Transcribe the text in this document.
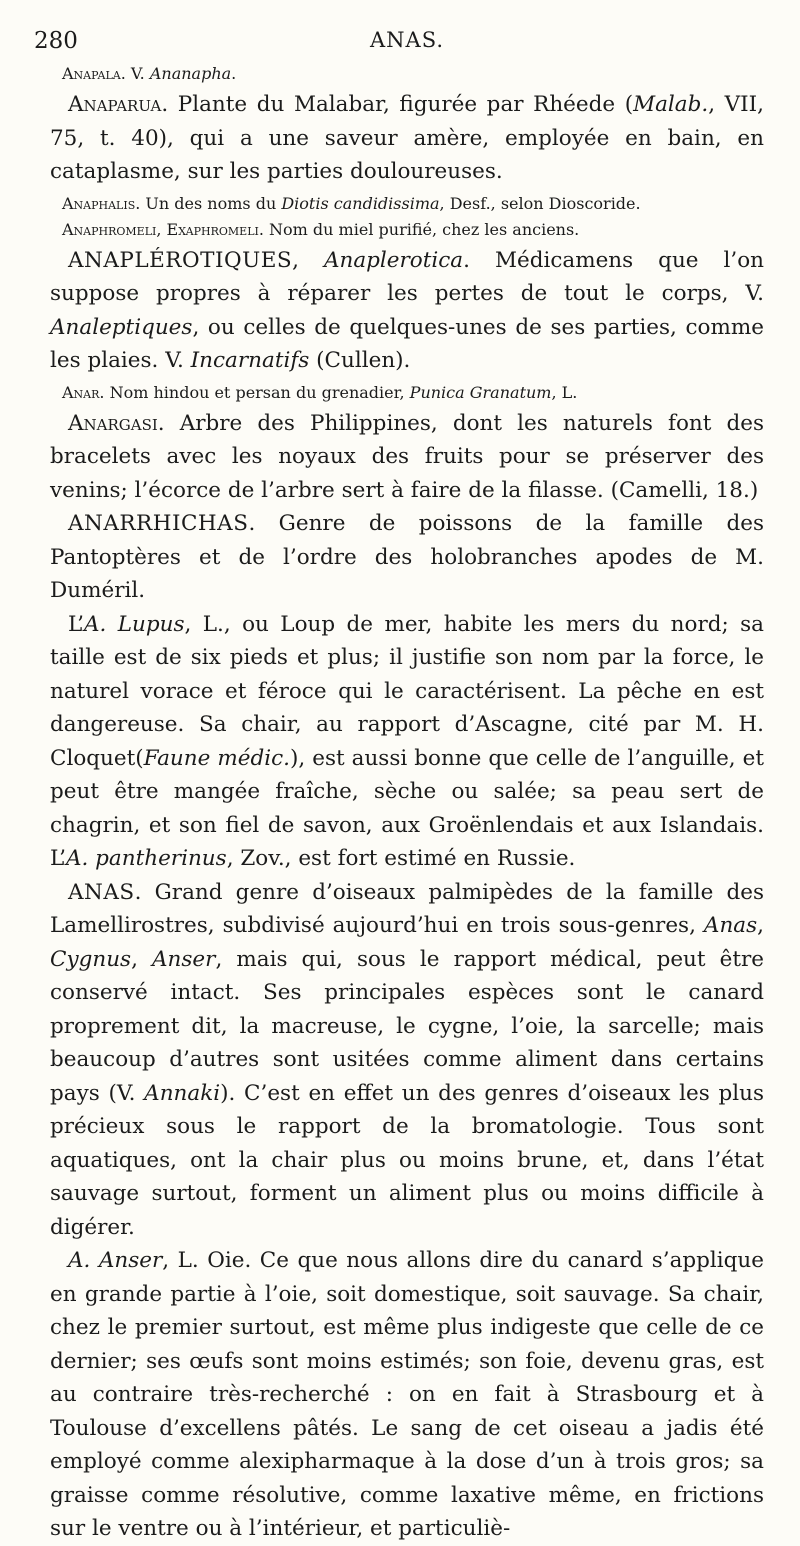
280	ANAS.

Anapala. V. Ananapha.

Anaparua. Plante du Malabar, figurée par Rhéede (Malab., VII, 75, t. 40), qui a une saveur amère, employée en bain, en cataplasme, sur les parties douloureuses.

Anaphalis. Un des noms du Diotis candidissima, Desf., selon Dioscoride.

Anaphromeli, Exaphromeli. Nom du miel purifié, chez les anciens.

ANAPLÉROTIQUES, Anaplerotica. Médicamens que l’on suppose propres à réparer les pertes de tout le corps, V. Analeptiques, ou celles de quelques-unes de ses parties, comme les plaies. V. Incarnatifs (Cullen).

Anar. Nom hindou et persan du grenadier, Punica Granatum, L.

Anargasi. Arbre des Philippines, dont les naturels font des bracelets avec les noyaux des fruits pour se préserver des venins; l’écorce de l’arbre sert à faire de la filasse. (Camelli, 18.)

ANARRHICHAS. Genre de poissons de la famille des Pantoptères et de l’ordre des holobranches apodes de M. Duméril.

L’A. Lupus, L., ou Loup de mer, habite les mers du nord; sa taille est de six pieds et plus; il justifie son nom par la force, le naturel vorace et féroce qui le caractérisent. La pêche en est dangereuse. Sa chair, au rapport d’Ascagne, cité par M. H. Cloquet(Faune médic.), est aussi bonne que celle de l’anguille, et peut être mangée fraîche, sèche ou salée; sa peau sert de chagrin, et son fiel de savon, aux Groënlendais et aux Islandais. L’A. pantherinus, Zov., est fort estimé en Russie.

ANAS. Grand genre d’oiseaux palmipèdes de la famille des Lamellirostres, subdivisé aujourd’hui en trois sous-genres, Anas, Cygnus, Anser, mais qui, sous le rapport médical, peut être conservé intact. Ses principales espèces sont le canard proprement dit, la macreuse, le cygne, l’oie, la sarcelle; mais beaucoup d’autres sont usitées comme aliment dans certains pays (V. Annaki). C’est en effet un des genres d’oiseaux les plus précieux sous le rapport de la bromatologie. Tous sont aquatiques, ont la chair plus ou moins brune, et, dans l’état sauvage surtout, forment un aliment plus ou moins difficile à digérer.

A. Anser, L. Oie. Ce que nous allons dire du canard s’applique en grande partie à l’oie, soit domestique, soit sauvage. Sa chair, chez le premier surtout, est même plus indigeste que celle de ce dernier; ses œufs sont moins estimés; son foie, devenu gras, est au contraire très-recherché : on en fait à Strasbourg et à Toulouse d’excellens pâtés. Le sang de cet oiseau a jadis été employé comme alexipharmaque à la dose d’un à trois gros; sa graisse comme résolutive, comme laxative même, en frictions sur le ventre ou à l’intérieur, et particuliè-
